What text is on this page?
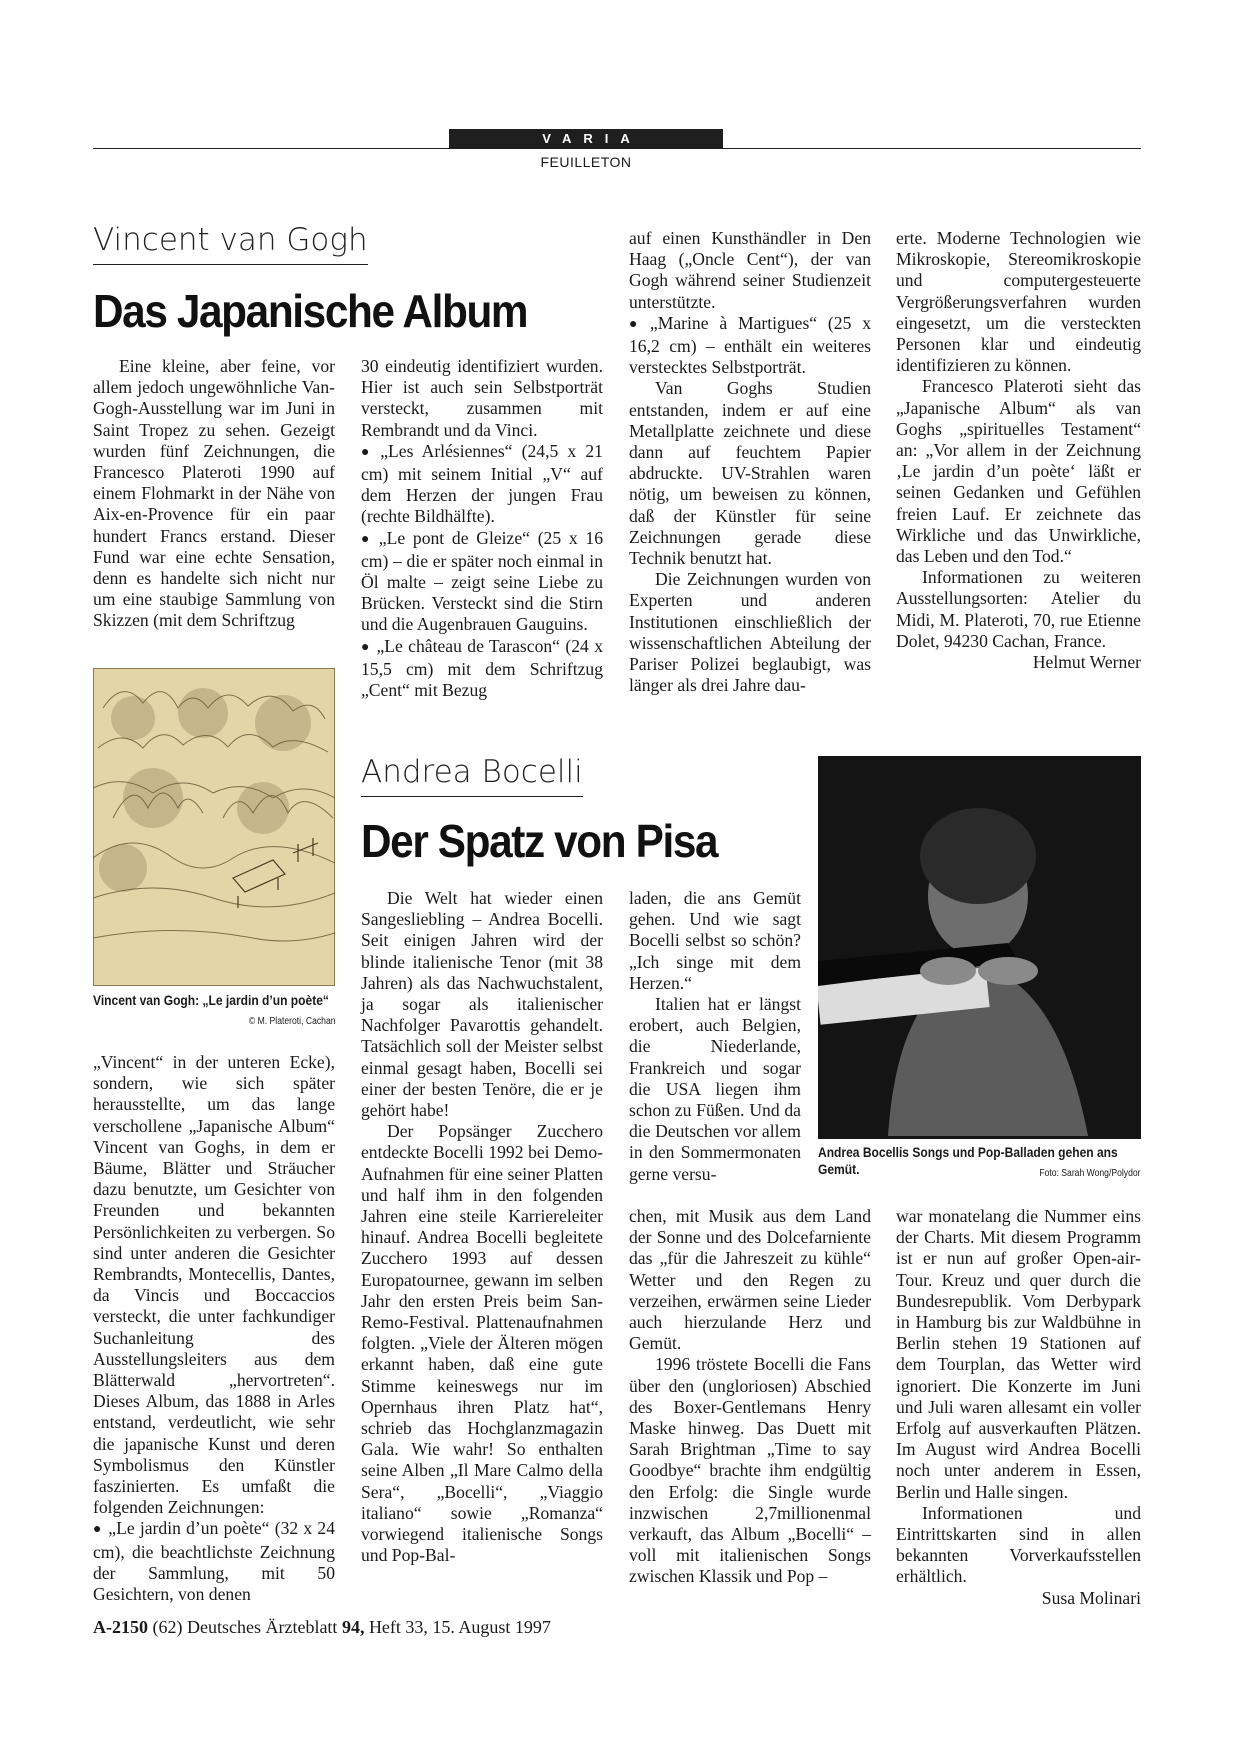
VARIA
FEUILLETON
Vincent van Gogh
Das Japanische Album

Eine kleine, aber feine, vor allem jedoch ungewöhnliche Van-Gogh-Ausstellung war im Juni in Saint Tropez zu sehen. Gezeigt wurden fünf Zeichnungen, die Francesco Plateroti 1990 auf einem Flohmarkt in der Nähe von Aix-en-Provence für ein paar hundert Francs erstand. Dieser Fund war eine echte Sensation, denn es handelte sich nicht nur um eine staubige Sammlung von Skizzen (mit dem Schriftzug

Vincent van Gogh: „Le jardin d’un poète“
© M. Plateroti, Cachan

„Vincent“ in der unteren Ecke), sondern, wie sich später herausstellte, um das lange verschollene „Japanische Album“ Vincent van Goghs, in dem er Bäume, Blätter und Sträucher dazu benutzte, um Gesichter von Freunden und bekannten Persönlichkeiten zu verbergen. So sind unter anderen die Gesichter Rembrandts, Montecellis, Dantes, da Vincis und Boccaccios versteckt, die unter fachkundiger Suchanleitung des Ausstellungsleiters aus dem Blätterwald „hervortreten“. Dieses Album, das 1888 in Arles entstand, verdeutlicht, wie sehr die japanische Kunst und deren Symbolismus den Künstler faszinierten. Es umfaßt die folgenden Zeichnungen:

● „Le jardin d’un poète“ (32 x 24 cm), die beachtlichste Zeichnung der Sammlung, mit 50 Gesichtern, von denen

30 eindeutig identifiziert wurden. Hier ist auch sein Selbstporträt versteckt, zusammen mit Rembrandt und da Vinci.

● „Les Arlésiennes“ (24,5 x 21 cm) mit seinem Initial „V“ auf dem Herzen der jungen Frau (rechte Bildhälfte).

● „Le pont de Gleize“ (25 x 16 cm) – die er später noch einmal in Öl malte – zeigt seine Liebe zu Brücken. Versteckt sind die Stirn und die Augenbrauen Gauguins.

● „Le château de Tarascon“ (24 x 15,5 cm) mit dem Schriftzug „Cent“ mit Bezug

auf einen Kunsthändler in Den Haag („Oncle Cent“), der van Gogh während seiner Studienzeit unterstützte.

● „Marine à Martigues“ (25 x 16,2 cm) – enthält ein weiteres verstecktes Selbstporträt.

Van Goghs Studien entstanden, indem er auf eine Metallplatte zeichnete und diese dann auf feuchtem Papier abdruckte. UV-Strahlen waren nötig, um beweisen zu können, daß der Künstler für seine Zeichnungen gerade diese Technik benutzt hat.

Die Zeichnungen wurden von Experten und anderen Institutionen einschließlich der wissenschaftlichen Abteilung der Pariser Polizei beglaubigt, was länger als drei Jahre dau-

erte. Moderne Technologien wie Mikroskopie, Stereomikroskopie und computergesteuerte Vergrößerungsverfahren wurden eingesetzt, um die versteckten Personen klar und eindeutig identifizieren zu können.

Francesco Plateroti sieht das „Japanische Album“ als van Goghs „spirituelles Testament“ an: „Vor allem in der Zeichnung ‚Le jardin d’un poète‘ läßt er seinen Gedanken und Gefühlen freien Lauf. Er zeichnete das Wirkliche und das Unwirkliche, das Leben und den Tod.“

Informationen zu weiteren Ausstellungsorten: Atelier du Midi, M. Plateroti, 70, rue Etienne Dolet, 94230 Cachan, France.

Helmut Werner

Andrea Bocelli
Der Spatz von Pisa
Andrea Bocellis Songs und Pop-Balladen gehen ans Gemüt.	Foto: Sarah Wong/Polydor

Die Welt hat wieder einen Sangesliebling – Andrea Bocelli. Seit einigen Jahren wird der blinde italienische Tenor (mit 38 Jahren) als das Nachwuchstalent, ja sogar als italienischer Nachfolger Pavarottis gehandelt. Tatsächlich soll der Meister selbst einmal gesagt haben, Bocelli sei einer der besten Tenöre, die er je gehört habe!

Der Popsänger Zucchero entdeckte Bocelli 1992 bei Demo-Aufnahmen für eine seiner Platten und half ihm in den folgenden Jahren eine steile Karriereleiter hinauf. Andrea Bocelli begleitete Zucchero 1993 auf dessen Europatournee, gewann im selben Jahr den ersten Preis beim San-Remo-Festival. Plattenaufnahmen folgten. „Viele der Älteren mögen erkannt haben, daß eine gute Stimme keineswegs nur im Opernhaus ihren Platz hat“, schrieb das Hochglanzmagazin Gala. Wie wahr! So enthalten seine Alben „Il Mare Calmo della Sera“, „Bocelli“, „Viaggio italiano“ sowie „Romanza“ vorwiegend italienische Songs und Pop-Bal-

laden, die ans Gemüt gehen. Und wie sagt Bocelli selbst so schön? „Ich singe mit dem Herzen.“

Italien hat er längst erobert, auch Belgien, die Niederlande, Frankreich und sogar die USA liegen ihm schon zu Füßen. Und da die Deutschen vor allem in den Sommermonaten gerne versu-

chen, mit Musik aus dem Land der Sonne und des Dolcefarniente das „für die Jahreszeit zu kühle“ Wetter und den Regen zu verzeihen, erwärmen seine Lieder auch hierzulande Herz und Gemüt.

1996 tröstete Bocelli die Fans über den (ungloriosen) Abschied des Boxer-Gentlemans Henry Maske hinweg. Das Duett mit Sarah Brightman „Time to say Goodbye“ brachte ihm endgültig den Erfolg: die Single wurde inzwischen 2,7millionenmal verkauft, das Album „Bocelli“ – voll mit italienischen Songs zwischen Klassik und Pop –

war monatelang die Nummer eins der Charts. Mit diesem Programm ist er nun auf großer Open-air-Tour. Kreuz und quer durch die Bundesrepublik. Vom Derbypark in Hamburg bis zur Waldbühne in Berlin stehen 19 Stationen auf dem Tourplan, das Wetter wird ignoriert. Die Konzerte im Juni und Juli waren allesamt ein voller Erfolg auf ausverkauften Plätzen. Im August wird Andrea Bocelli noch unter anderem in Essen, Berlin und Halle singen.

Informationen und Eintrittskarten sind in allen bekannten Vorverkaufsstellen erhältlich.

Susa Molinari

A-2150 (62) Deutsches Ärzteblatt 94, Heft 33, 15. August 1997
